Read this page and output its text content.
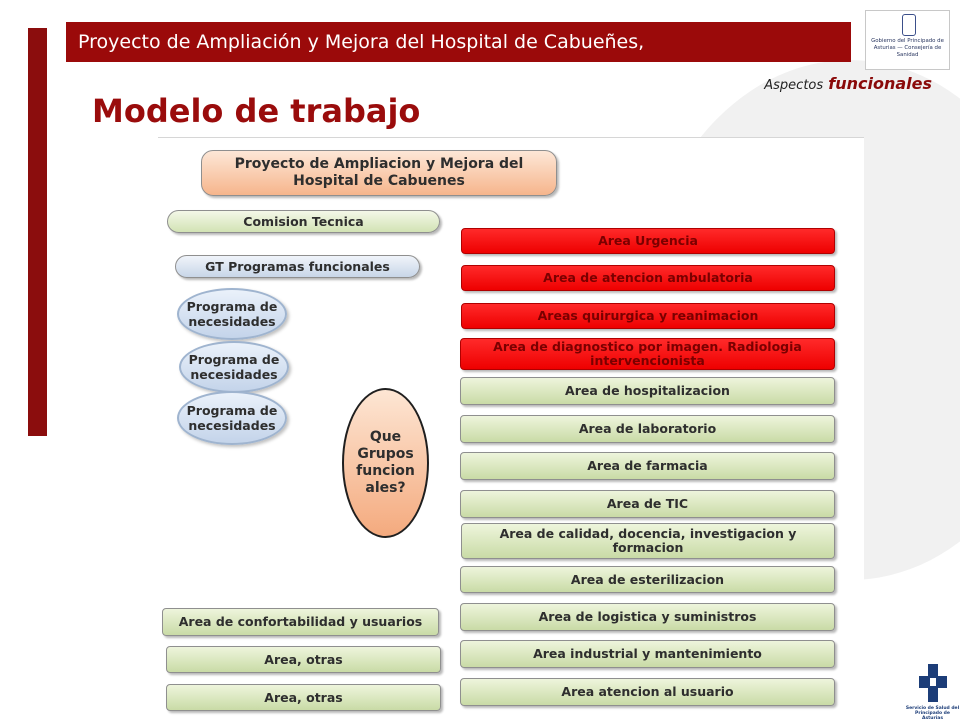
Proyecto de Ampliación y Mejora del Hospital de Cabueñes,	Gobierno del Principado de Asturias — Consejería de Sanidad
Aspectos funcionales
Modelo de trabajo
Proyecto de Ampliacion y Mejora del Hospital de Cabuenes
Comision Tecnica
GT Programas funcionales
Programa de necesidades
Programa de necesidades
Programa de necesidades
Que Grupos funcion ales?
Area de confortabilidad y usuarios
Area, otras
Area, otras
Area Urgencia
Area de atencion ambulatoria
Areas quirurgica y reanimacion
Area de diagnostico por imagen. Radiologia intervencionista
Area de hospitalizacion
Area de laboratorio
Area de farmacia
Area de TIC
Area de calidad, docencia, investigacion y formacion
Area de esterilizacion
Area de logistica y suministros
Area industrial y mantenimiento
Area atencion al usuario
Servicio de Salud del Principado de Asturias
